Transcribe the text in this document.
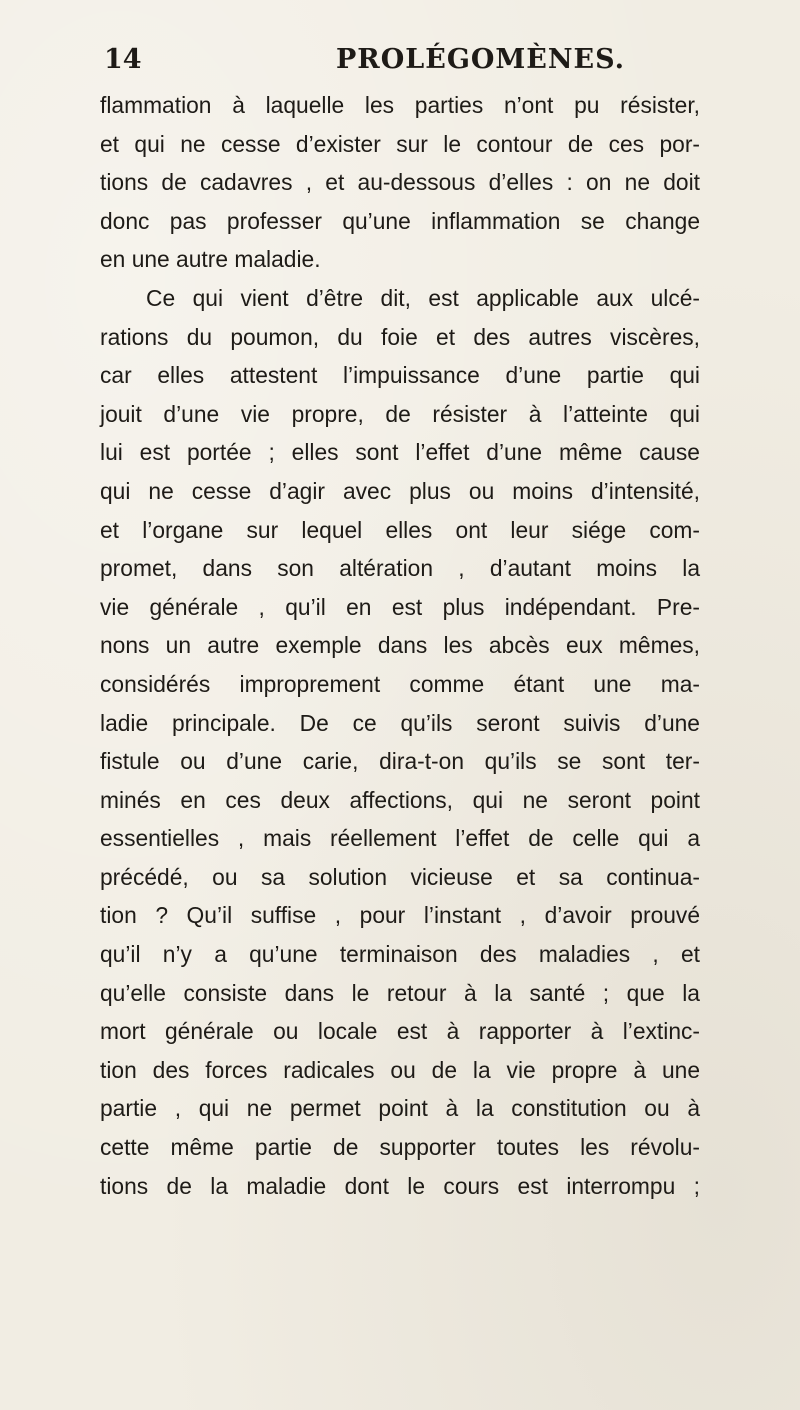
14	PROLÉGOMÈNES.
flammation à laquelle les parties n’ont pu résister,
et qui ne cesse d’exister sur le contour de ces por-
tions de cadavres , et au-dessous d’elles : on ne doit
donc pas professer qu’une inflammation se change
en une autre maladie.
Ce qui vient d’être dit, est applicable aux ulcé-
rations du poumon, du foie et des autres viscères,
car elles attestent l’impuissance d’une partie qui
jouit d’une vie propre, de résister à l’atteinte qui
lui est portée ; elles sont l’effet d’une même cause
qui ne cesse d’agir avec plus ou moins d’intensité,
et l’organe sur lequel elles ont leur siége com-
promet, dans son altération , d’autant moins la
vie générale , qu’il en est plus indépendant. Pre-
nons un autre exemple dans les abcès eux mêmes,
considérés improprement comme étant une ma-
ladie principale. De ce qu’ils seront suivis d’une
fistule ou d’une carie, dira-t-on qu’ils se sont ter-
minés en ces deux affections, qui ne seront point
essentielles , mais réellement l’effet de celle qui a
précédé, ou sa solution vicieuse et sa continua-
tion ? Qu’il suffise , pour l’instant , d’avoir prouvé
qu’il n’y a qu’une terminaison des maladies , et
qu’elle consiste dans le retour à la santé ; que la
mort générale ou locale est à rapporter à l’extinc-
tion des forces radicales ou de la vie propre à une
partie , qui ne permet point à la constitution ou à
cette même partie de supporter toutes les révolu-
tions de la maladie dont le cours est interrompu ;
